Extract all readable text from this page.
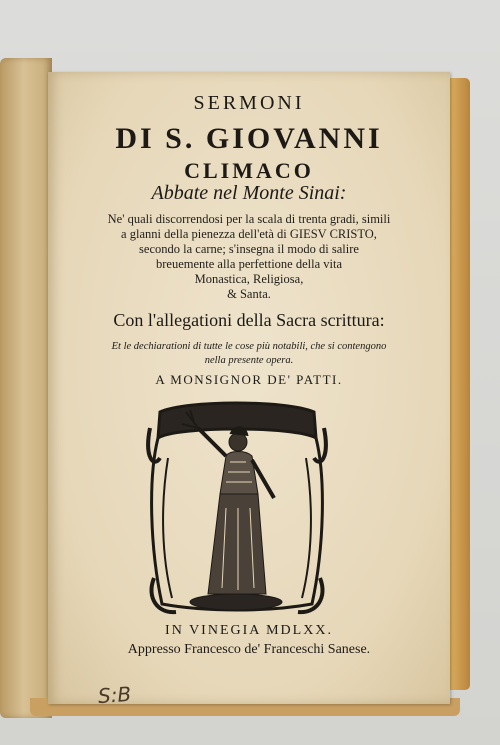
SERMONI
DI S. GIOVANNI
CLIMACO
Abbate nel Monte Sinai:
Ne' quali discorrendosi per la scala di trenta gradi, simili
a glanni della pienezza dell'età di GIESV CRISTO,
secondo la carne; s'insegna il modo di salire
breuemente alla perfettione della vita
Monastica, Religiosa,
& Santa.
Con l'allegationi della Sacra scrittura:
Et le dechiarationi di tutte le cose più notabili, che si contengono
nella presente opera.
A MONSIGNOR DE' PATTI.
IN VINEGIA MDLXX.
Appresso Francesco de' Franceschi Sanese.
S:B
